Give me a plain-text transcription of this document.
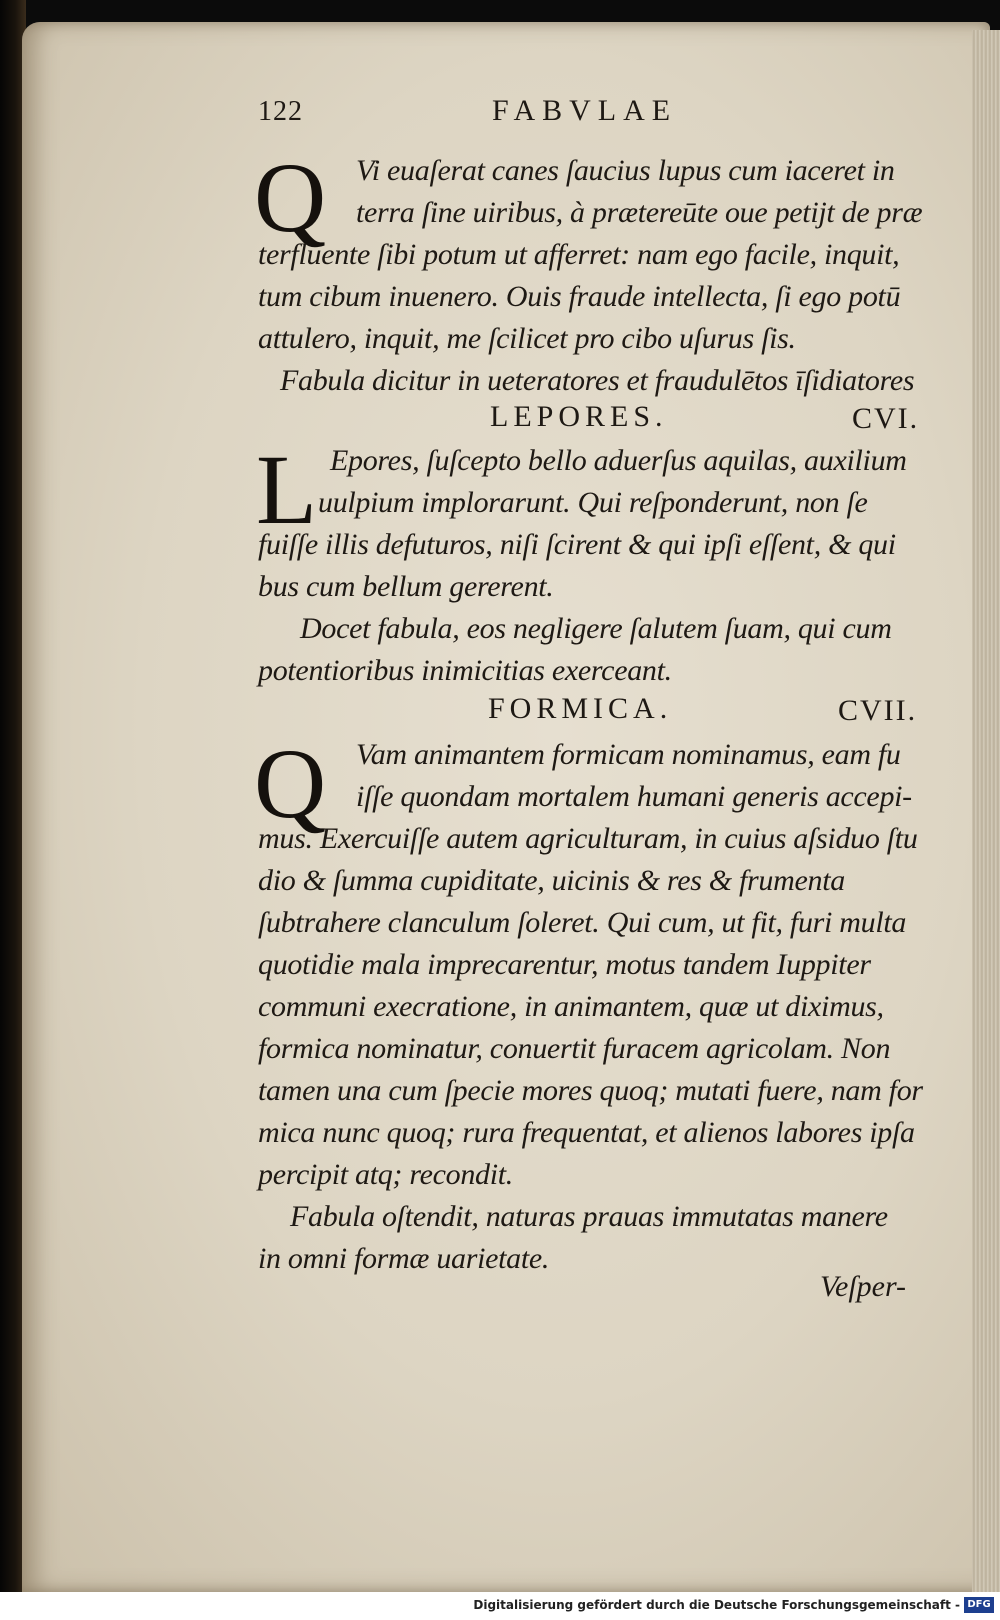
122	FABVLAE
Q Vi euaſerat canes ſaucius lupus cum iaceret in
terra ſine uiribus, à prætereūte oue petijt de præ
terfluente ſibi potum ut afferret: nam ego facile, inquit,
tum cibum inuenero. Ouis fraude intellecta, ſi ego potū
attulero, inquit, me ſcilicet pro cibo uſurus ſis.
Fabula dicitur in ueteratores et fraudulētos īſidiatores
LEPORES.	CVI.
L Epores, ſuſcepto bello aduerſus aquilas, auxilium
uulpium implorarunt. Qui reſponderunt, non ſe
fuiſſe illis defuturos, niſi ſcirent & qui ipſi eſſent, & qui
bus cum bellum gererent.
Docet fabula, eos negligere ſalutem ſuam, qui cum
potentioribus inimicitias exerceant.
FORMICA.	CVII.
Q Vam animantem formicam nominamus, eam fu
iſſe quondam mortalem humani generis accepi-
mus. Exercuiſſe autem agriculturam, in cuius aſsiduo ſtu
dio & ſumma cupiditate, uicinis & res & frumenta
ſubtrahere clanculum ſoleret. Qui cum, ut fit, furi multa
quotidie mala imprecarentur, motus tandem Iuppiter
communi execratione, in animantem, quæ ut diximus,
formica nominatur, conuertit furacem agricolam. Non
tamen una cum ſpecie mores quoq; mutati fuere, nam for
mica nunc quoq; rura frequentat, et alienos labores ipſa
percipit atq; recondit.
Fabula oſtendit, naturas prauas immutatas manere
in omni formæ uarietate.
Veſper-
Digitalisierung gefördert durch die Deutsche Forschungsgemeinschaft - DFG
